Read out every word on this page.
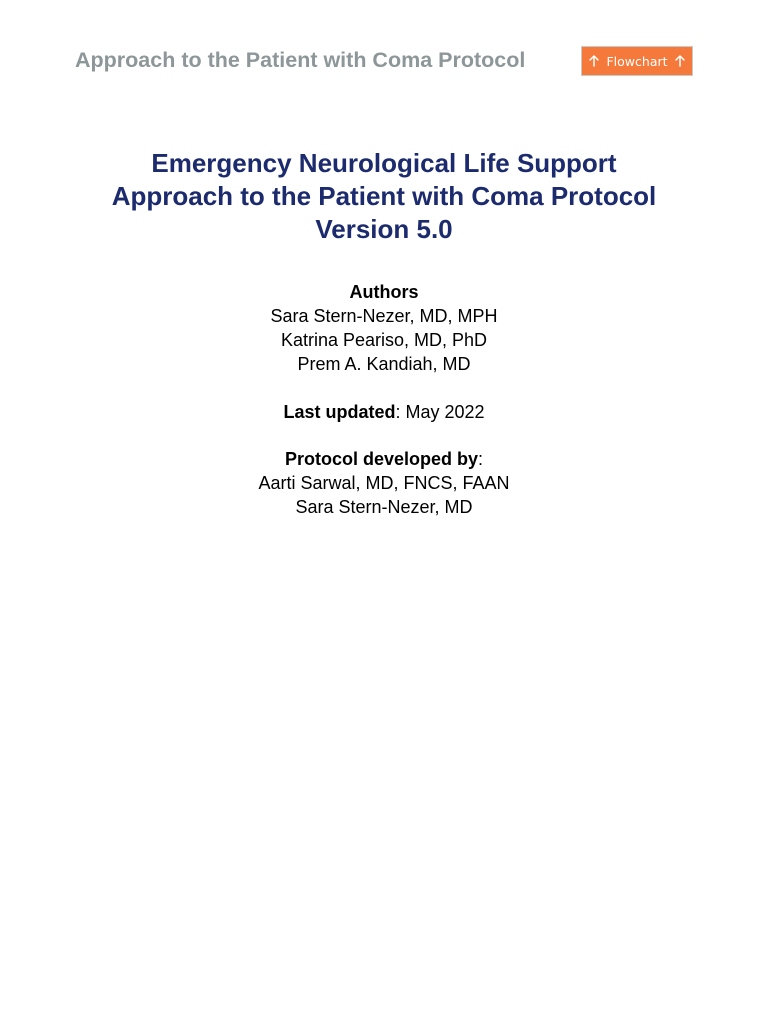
Approach to the Patient with Coma Protocol	Flowchart
Emergency Neurological Life Support
Approach to the Patient with Coma Protocol
Version 5.0
Authors
Sara Stern-Nezer, MD, MPH
Katrina Peariso, MD, PhD
Prem A. Kandiah, MD
Last updated: May 2022
Protocol developed by:
Aarti Sarwal, MD, FNCS, FAAN
Sara Stern-Nezer, MD
